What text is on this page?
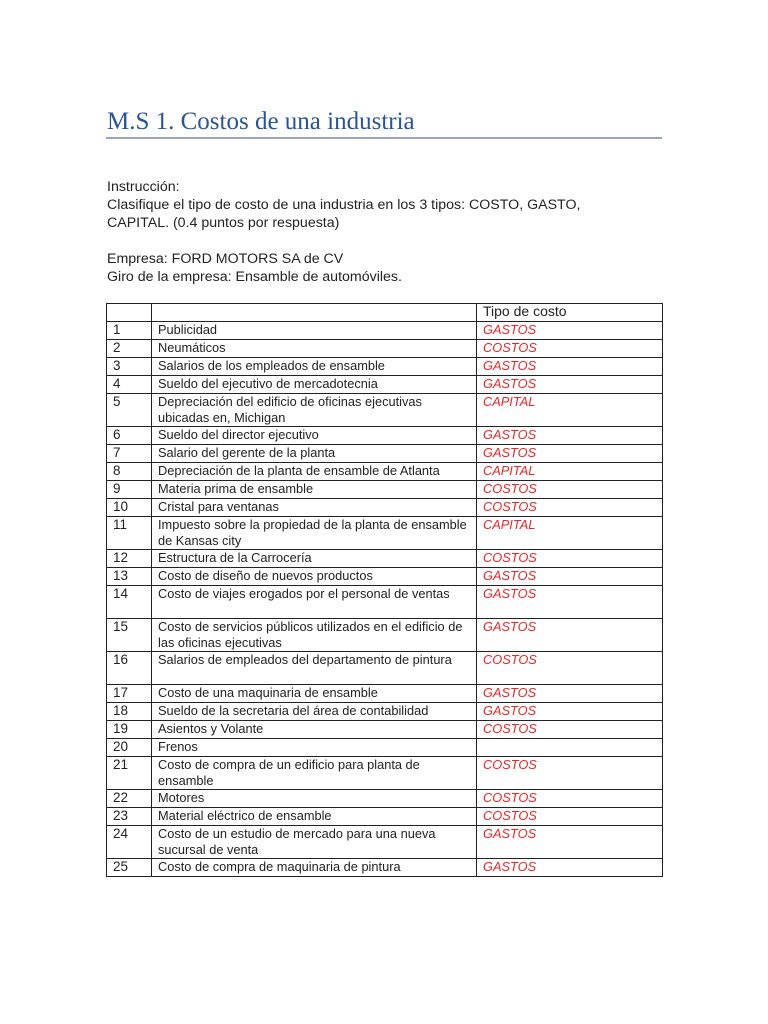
M.S 1. Costos de una industria

Instrucción:

Clasifique el tipo de costo de una industria en los 3 tipos: COSTO, GASTO,

CAPITAL. (0.4 puntos por respuesta)

Empresa: FORD MOTORS SA de CV

Giro de la empresa: Ensamble de automóviles.

		Tipo de costo
1	Publicidad	GASTOS
2	Neumáticos	COSTOS
3	Salarios de los empleados de ensamble	GASTOS
4	Sueldo del ejecutivo de mercadotecnia	GASTOS
5	Depreciación del edificio de oficinas ejecutivas ubicadas en, Michigan	CAPITAL
6	Sueldo del director ejecutivo	GASTOS
7	Salario del gerente de la planta	GASTOS
8	Depreciación de la planta de ensamble de Atlanta	CAPITAL
9	Materia prima de ensamble	COSTOS
10	Cristal para ventanas	COSTOS
11	Impuesto sobre la propiedad de la planta de ensamble de Kansas city	CAPITAL
12	Estructura de la Carrocería	COSTOS
13	Costo de diseño de nuevos productos	GASTOS
14	Costo de viajes erogados por el personal de ventas	GASTOS
15	Costo de servicios públicos utilizados en el edificio de las oficinas ejecutivas	GASTOS
16	Salarios de empleados del departamento de pintura	COSTOS
17	Costo de una maquinaria de ensamble	GASTOS
18	Sueldo de la secretaria del área de contabilidad	GASTOS
19	Asientos y Volante	COSTOS
20	Frenos	
21	Costo de compra de un edificio para planta de ensamble	COSTOS
22	Motores	COSTOS
23	Material eléctrico de ensamble	COSTOS
24	Costo de un estudio de mercado para una nueva sucursal de venta	GASTOS
25	Costo de compra de maquinaria de pintura	GASTOS
